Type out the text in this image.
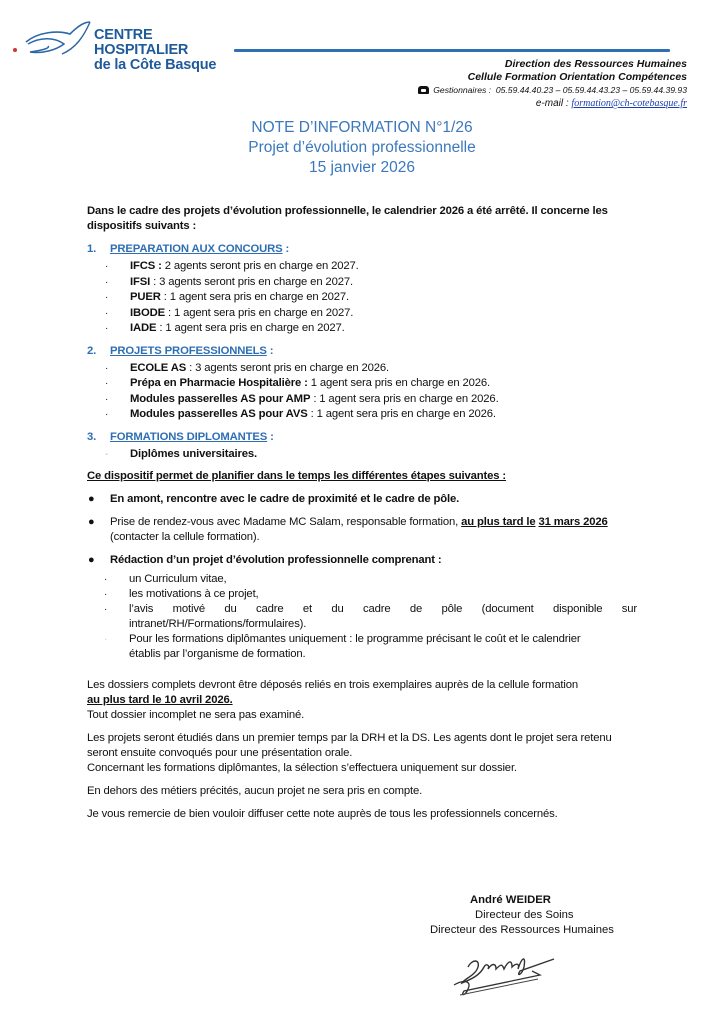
CENTRE HOSPITALIER
de la Côte Basque	Direction des Ressources Humaines
Cellule Formation Orientation Compétences
Gestionnaires : 05.59.44.40.23 – 05.59.44.43.23 – 05.59.44.39.93
e-mail : formation@ch-cotebasque.fr
NOTE D’INFORMATION N°1/26
Projet d’évolution professionnelle
15 janvier 2026
Dans le cadre des projets d’évolution professionnelle, le calendrier 2026 a été arrêté. Il concerne les dispositifs suivants :
1.	PREPARATION AUX CONCOURS :
·	IFCS : 2 agents seront pris en charge en 2027.
·	IFSI : 3 agents seront pris en charge en 2027.
·	PUER : 1 agent sera pris en charge en 2027.
·	IBODE : 1 agent sera pris en charge en 2027.
·	IADE : 1 agent sera pris en charge en 2027.
2.	PROJETS PROFESSIONNELS :
·	ECOLE AS : 3 agents seront pris en charge en 2026.
·	Prépa en Pharmacie Hospitalière : 1 agent sera pris en charge en 2026.
·	Modules passerelles AS pour AMP : 1 agent sera pris en charge en 2026.
·	Modules passerelles AS pour AVS : 1 agent sera pris en charge en 2026.
3.	FORMATIONS DIPLOMANTES :
-	Diplômes universitaires.
Ce dispositif permet de planifier dans le temps les différentes étapes suivantes :
●	En amont, rencontre avec le cadre de proximité et le cadre de pôle.
●	Prise de rendez-vous avec Madame MC Salam, responsable formation, au plus tard le 31 mars 2026 (contacter la cellule formation).
●	Rédaction d’un projet d’évolution professionnelle comprenant :
·	un Curriculum vitae,
·	les motivations à ce projet,
·	l’avis motivé du cadre et du cadre de pôle (document disponible sur
intranet/RH/Formations/formulaires).
·	Pour les formations diplômantes uniquement : le programme précisant le coût et le calendrier
établis par l’organisme de formation.
Les dossiers complets devront être déposés reliés en trois exemplaires auprès de la cellule formation
au plus tard le 10 avril 2026.
Tout dossier incomplet ne sera pas examiné.
Les projets seront étudiés dans un premier temps par la DRH et la DS. Les agents dont le projet sera retenu seront ensuite convoqués pour une présentation orale.
Concernant les formations diplômantes, la sélection s’effectuera uniquement sur dossier.
En dehors des métiers précités, aucun projet ne sera pris en compte.
Je vous remercie de bien vouloir diffuser cette note auprès de tous les professionnels concernés.
André WEIDER
Directeur des Soins
Directeur des Ressources Humaines
